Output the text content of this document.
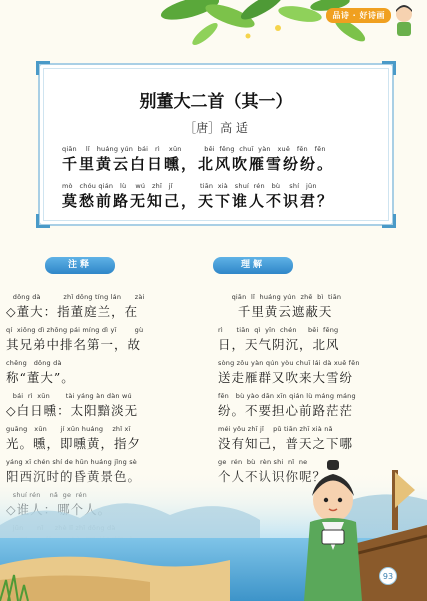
品诗 · 好诗画
别董大二首（其一）
［唐］高 适
qiān    lǐ   huáng yún  bái   rì    xūn          běi  fēng  chuī  yàn   xuě   fēn   fēn
千里黄云白日曛，北风吹雁雪纷纷。
mò   chóu qián   lù    wú   zhī   jǐ            tiān  xià   shuí  rén   bù    shí   jūn
莫愁前路无知己，天下谁人不识君？
注释	理解
dǒng dà          zhǐ dǒng tíng lán      zài
◇董大：指董庭兰，在
qí  xiōng dì zhōng pái míng dì yī        gù
其兄弟中排名第一，故
chēng   dǒng dà
称“董大”。
bái  rì  xūn       tài yáng àn dàn wú
◇白日曛：太阳黯淡无
guāng   xūn      jí xūn huáng    zhǐ xī
光。曛，即曛黄，指夕
yáng xī chén shí de hūn huáng jǐng sè
qiān  lǐ  huáng yún  zhē  bì  tiān
千里黄云遮蔽天
rì      tiān  qì  yīn  chén     běi  fēng
日，天气阴沉，北风
sòng zǒu yàn qún yòu chuī lái dà xuě fēn
送走雁群又吹来大雪纷
fēn   bù yào dān xīn qián lù máng máng
纷。不要担心前路茫茫
méi yǒu zhī jǐ    pǔ tiān zhī xià nǎ
没有知己，普天之下哪
ge  rén  bù  rèn shi  nǐ  ne
93
